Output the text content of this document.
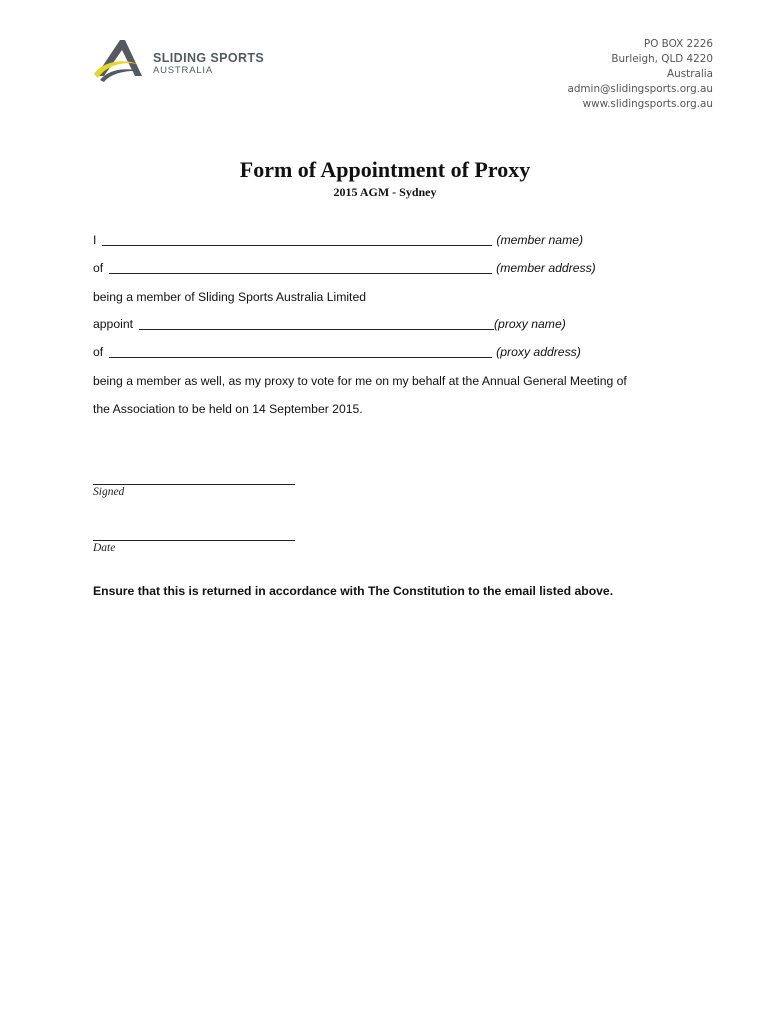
SLIDING SPORTS
AUSTRALIA
PO BOX 2226
Burleigh, QLD 4220
Australia
admin@slidingsports.org.au
www.slidingsports.org.au
Form of Appointment of Proxy
2015 AGM - Sydney
I	(member name)
of	(member address)
being a member of Sliding Sports Australia Limited
appoint	(proxy name)
of	(proxy address)
being a member as well, as my proxy to vote for me on my behalf at the Annual General Meeting of
the Association to be held on 14 September 2015.
Signed
Date
Ensure that this is returned in accordance with The Constitution to the email listed above.
